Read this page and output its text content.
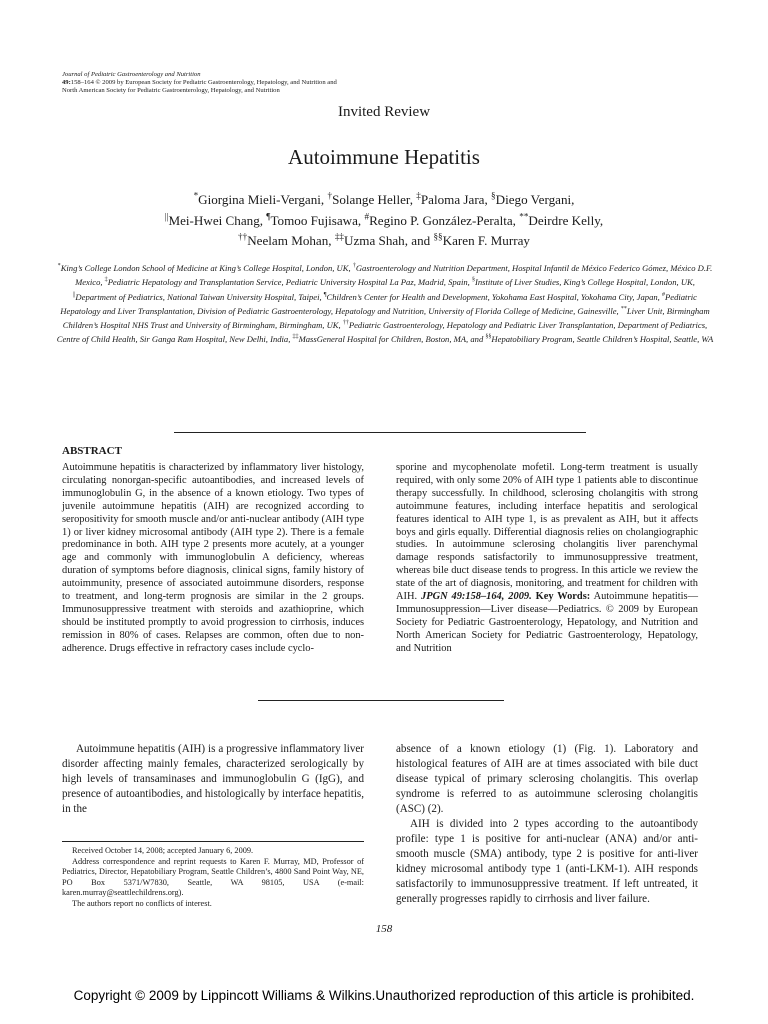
Journal of Pediatric Gastroenterology and Nutrition
49:158–164 © 2009 by European Society for Pediatric Gastroenterology, Hepatology, and Nutrition and
North American Society for Pediatric Gastroenterology, Hepatology, and Nutrition
Invited Review
Autoimmune Hepatitis
*Giorgina Mieli-Vergani, †Solange Heller, ‡Paloma Jara, §Diego Vergani,
||Mei-Hwei Chang, ¶Tomoo Fujisawa, #Regino P. González-Peralta, **Deirdre Kelly,
††Neelam Mohan, ‡‡Uzma Shah, and §§Karen F. Murray
*King’s College London School of Medicine at King’s College Hospital, London, UK, †Gastroenterology and Nutrition Department, Hospital Infantil de México Federico Gómez, México D.F. Mexico, ‡Pediatric Hepatology and Transplantation Service, Pediatric University Hospital La Paz, Madrid, Spain, §Institute of Liver Studies, King’s College Hospital, London, UK, ||Department of Pediatrics, National Taiwan University Hospital, Taipei, ¶Children’s Center for Health and Development, Yokohama East Hospital, Yokohama City, Japan, #Pediatric Hepatology and Liver Transplantation, Division of Pediatric Gastroenterology, Hepatology and Nutrition, University of Florida College of Medicine, Gainesville, **Liver Unit, Birmingham Children’s Hospital NHS Trust and University of Birmingham, Birmingham, UK, ††Pediatric Gastroenterology, Hepatology and Pediatric Liver Transplantation, Department of Pediatrics, Centre of Child Health, Sir Ganga Ram Hospital, New Delhi, India, ‡‡MassGeneral Hospital for Children, Boston, MA, and §§Hepatobiliary Program, Seattle Children’s Hospital, Seattle, WA
ABSTRACT

Autoimmune hepatitis is characterized by inflammatory liver histology, circulating nonorgan-specific autoantibodies, and increased levels of immunoglobulin G, in the absence of a known etiology. Two types of juvenile autoimmune hepatitis (AIH) are recognized according to seropositivity for smooth muscle and/or anti-nuclear antibody (AIH type 1) or liver kidney microsomal antibody (AIH type 2). There is a female predominance in both. AIH type 2 presents more acutely, at a younger age and commonly with immunoglobulin A deficiency, whereas duration of symptoms before diagnosis, clinical signs, family history of autoimmunity, presence of associated autoimmune disorders, response to treatment, and long-term prognosis are similar in the 2 groups. Immunosuppressive treatment with steroids and azathioprine, which should be instituted promptly to avoid progression to cirrhosis, induces remission in 80% of cases. Relapses are common, often due to non-adherence. Drugs effective in refractory cases include cyclo-

sporine and mycophenolate mofetil. Long-term treatment is usually required, with only some 20% of AIH type 1 patients able to discontinue therapy successfully. In childhood, sclerosing cholangitis with strong autoimmune features, including interface hepatitis and serological features identical to AIH type 1, is as prevalent as AIH, but it affects boys and girls equally. Differential diagnosis relies on cholangiographic studies. In autoimmune sclerosing cholangitis liver parenchymal damage responds satisfactorily to immunosuppressive treatment, whereas bile duct disease tends to progress. In this article we review the state of the art of diagnosis, monitoring, and treatment for children with AIH. JPGN 49:158–164, 2009. Key Words: Autoimmune hepatitis—Immunosuppression—Liver disease—Pediatrics. © 2009 by European Society for Pediatric Gastroenterology, Hepatology, and Nutrition and North American Society for Pediatric Gastroenterology, Hepatology, and Nutrition

Autoimmune hepatitis (AIH) is a progressive inflammatory liver disorder affecting mainly females, characterized serologically by high levels of transaminases and immunoglobulin G (IgG), and presence of autoantibodies, and histologically by interface hepatitis, in the

absence of a known etiology (1) (Fig. 1). Laboratory and histological features of AIH are at times associated with bile duct disease typical of primary sclerosing cholangitis. This overlap syndrome is referred to as autoimmune sclerosing cholangitis (ASC) (2).

AIH is divided into 2 types according to the autoantibody profile: type 1 is positive for anti-nuclear (ANA) and/or anti-smooth muscle (SMA) antibody, type 2 is positive for anti-liver kidney microsomal antibody type 1 (anti-LKM-1). AIH responds satisfactorily to immunosuppressive treatment. If left untreated, it generally progresses rapidly to cirrhosis and liver failure.

Received October 14, 2008; accepted January 6, 2009.

Address correspondence and reprint requests to Karen F. Murray, MD, Professor of Pediatrics, Director, Hepatobiliary Program, Seattle Children’s, 4800 Sand Point Way, NE, PO Box 5371/W7830, Seattle, WA 98105, USA (e-mail: karen.murray@seattlechildrens.org).

The authors report no conflicts of interest.

158
Copyright © 2009 by Lippincott Williams & Wilkins.Unauthorized reproduction of this article is prohibited.
